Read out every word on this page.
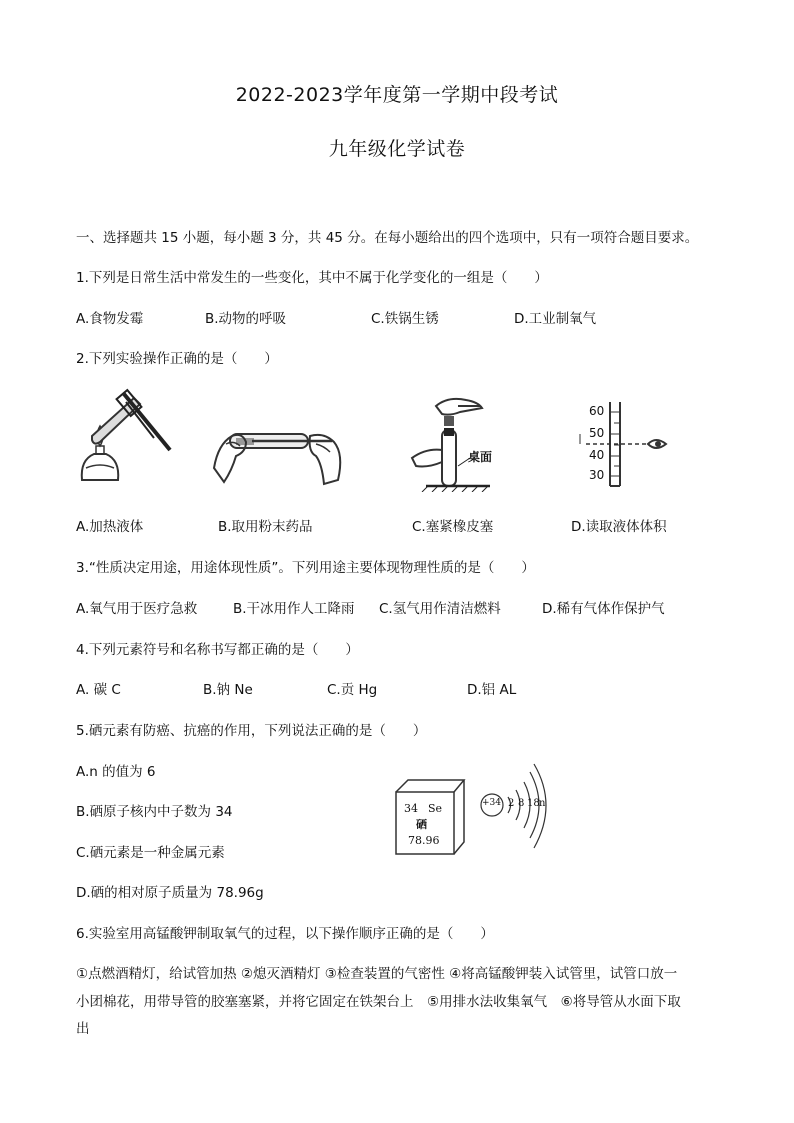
2022-2023学年度第一学期中段考试
九年级化学试卷
一、选择题共 15 小题，每小题 3 分，共 45 分。在每小题给出的四个选项中，只有一项符合题目要求。
1.下列是日常生活中常发生的一些变化，其中不属于化学变化的一组是（　　）
A.食物发霉	B.动物的呼吸	C.铁锅生锈	D.工业制氧气
2.下列实验操作正确的是（　　）
桌面
60
50
40
30
A.加热液体	B.取用粉末药品	C.塞紧橡皮塞	D.读取液体体积
3.“性质决定用途，用途体现性质”。下列用途主要体现物理性质的是（　　）
A.氧气用于医疗急救	B.干冰用作人工降雨 C.氢气用作清洁燃料	D.稀有气体作保护气
4.下列元素符号和名称书写都正确的是（　　）
A. 碳 C	B.钠 Ne	C.贡 Hg	D.铝 AL
5.硒元素有防癌、抗癌的作用，下列说法正确的是（　　）
A.n 的值为 6
B.硒原子核内中子数为 34
C.硒元素是一种金属元素
D.硒的相对原子质量为 78.96g
34 Se
硒
78.96
+34 2 8 18 n
6.实验室用高锰酸钾制取氧气的过程，以下操作顺序正确的是（　　）
①点燃酒精灯，给试管加热 ②熄灭酒精灯 ③检查装置的气密性 ④将高锰酸钾装入试管里，试管口放一
小团棉花，用带导管的胶塞塞紧，并将它固定在铁架台上　⑤用排水法收集氧气　⑥将导管从水面下取
出
